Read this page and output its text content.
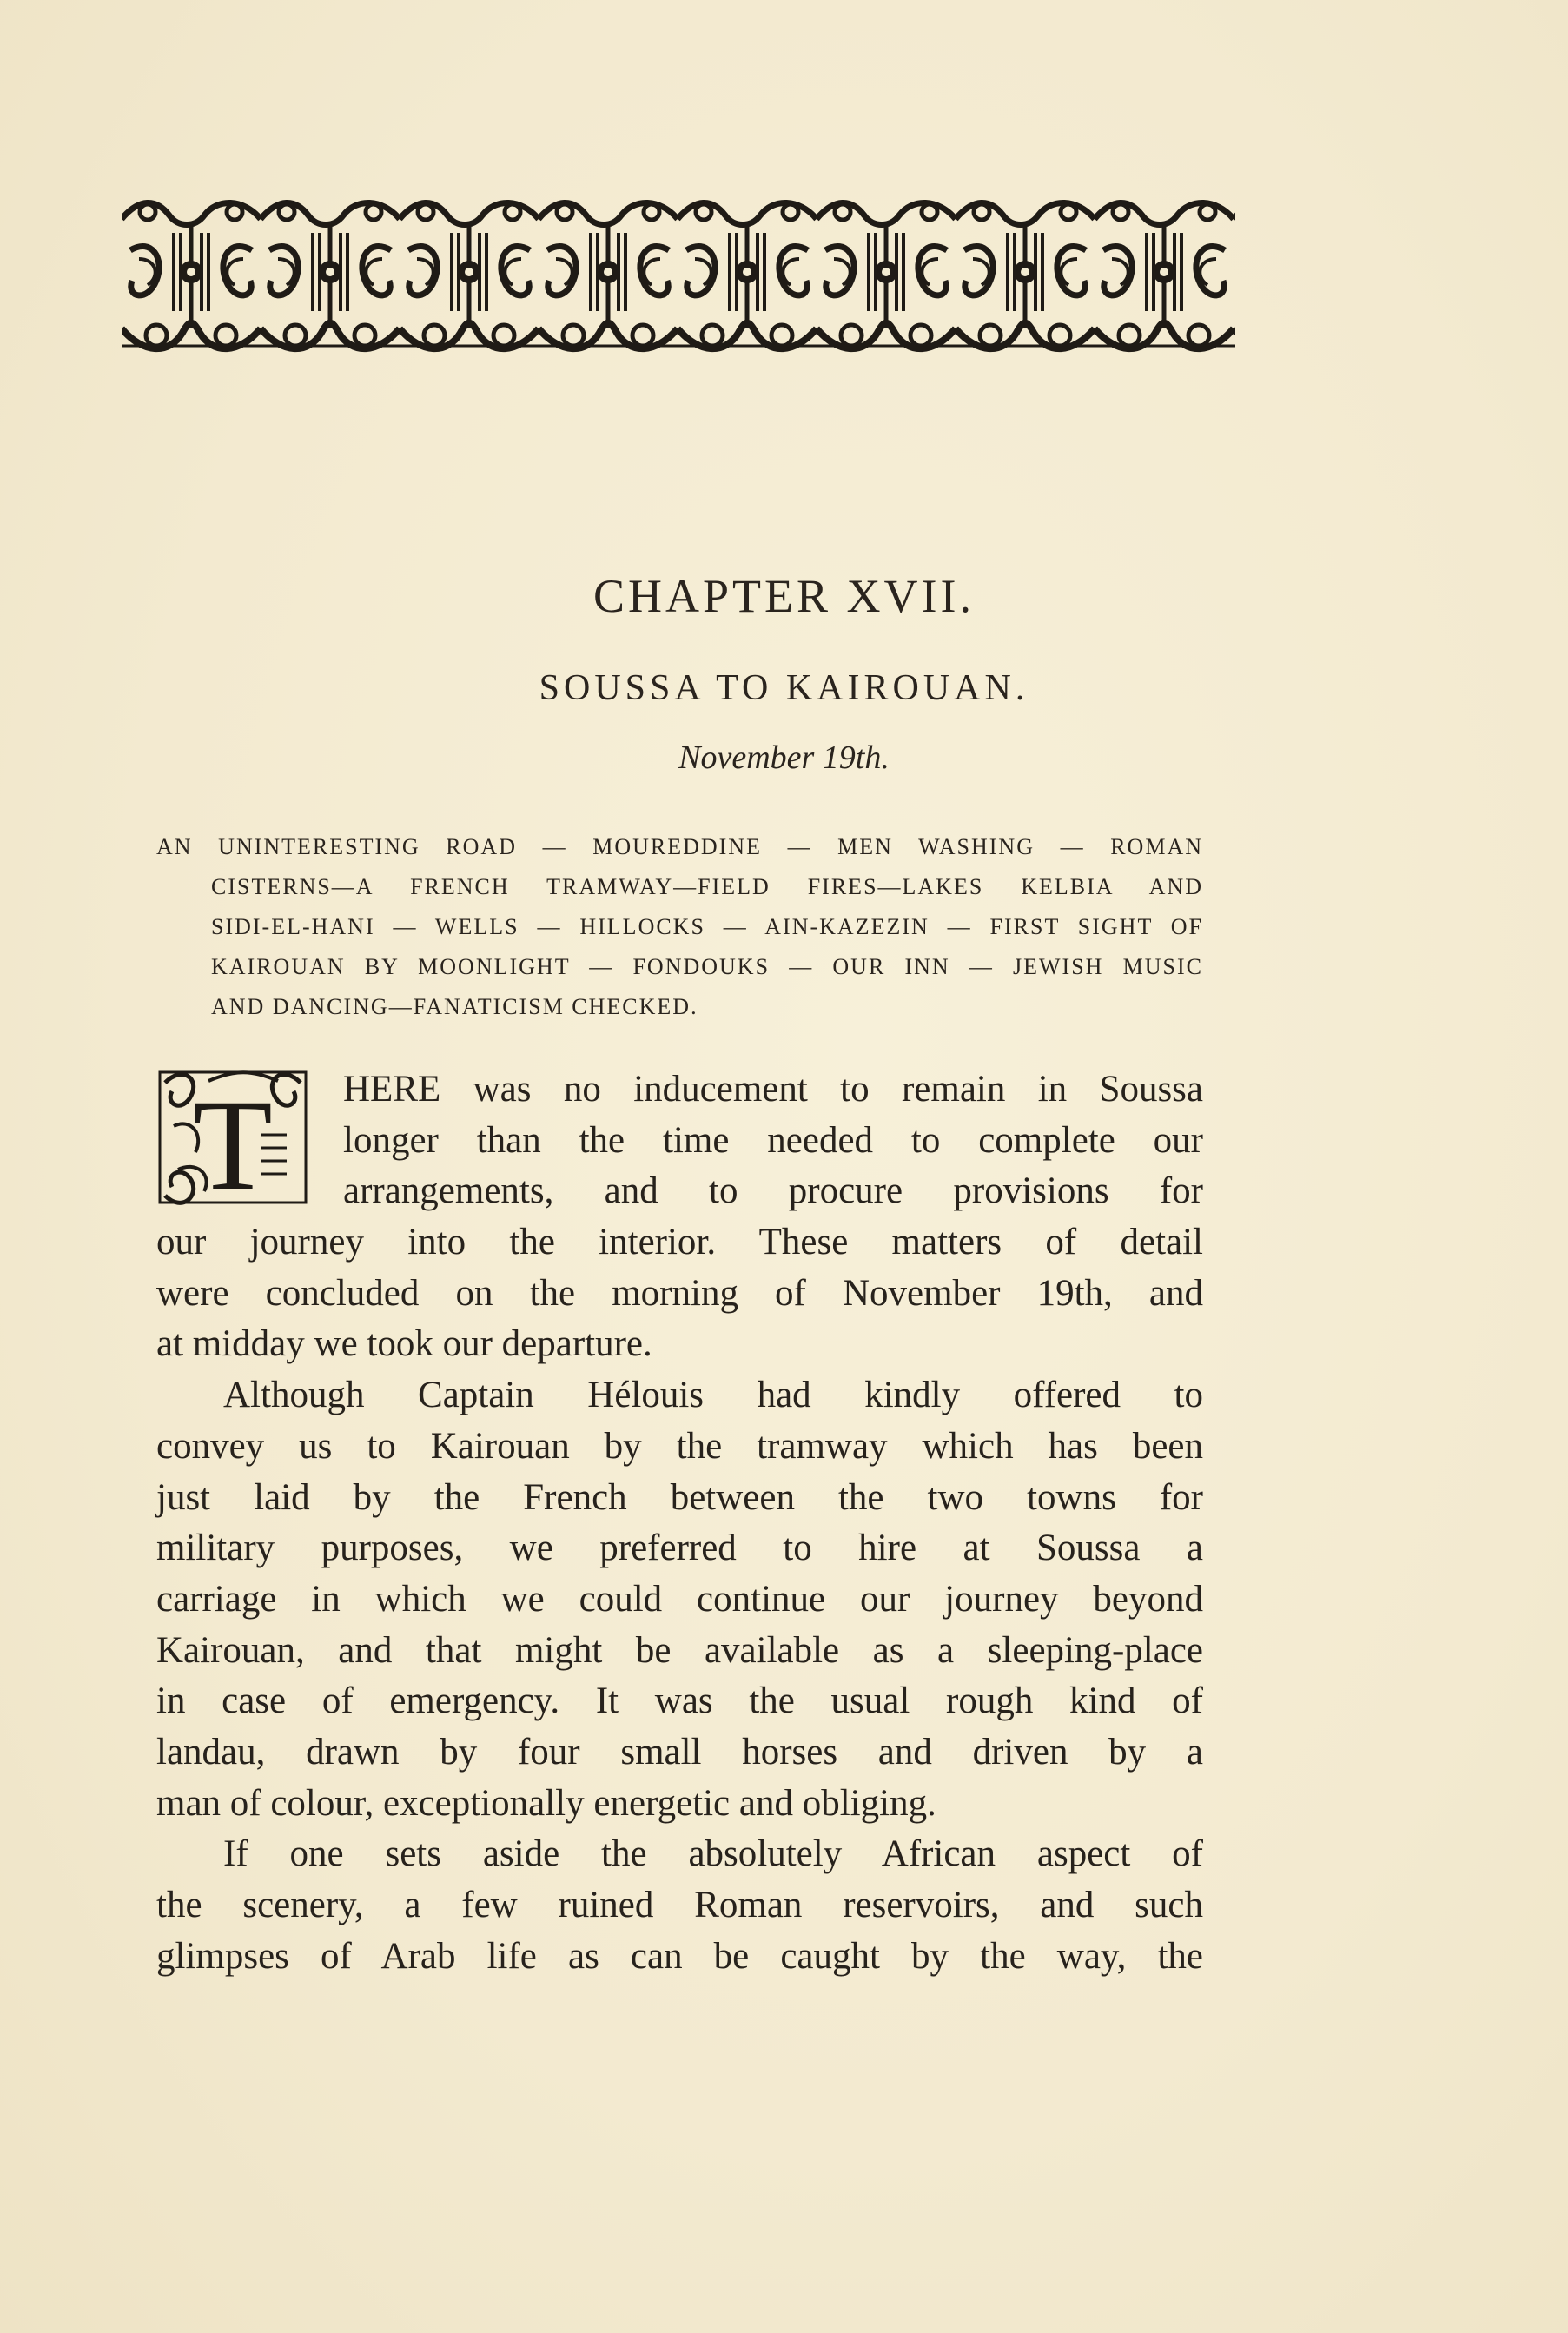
CHAPTER XVII.
SOUSSA TO KAIROUAN.
November 19th.
AN UNINTERESTING ROAD — MOUREDDINE — MEN WASHING — ROMAN
CISTERNS—A FRENCH TRAMWAY—FIELD FIRES—LAKES KELBIA AND
SIDI-EL-HANI — WELLS — HILLOCKS — AIN-KAZEZIN — FIRST SIGHT OF
KAIROUAN BY MOONLIGHT — FONDOUKS — OUR INN — JEWISH MUSIC
AND DANCING—FANATICISM CHECKED.
T	HERE was no inducement to remain in Soussa
longer than the time needed to complete our
arrangements, and to procure provisions for
our journey into the interior. These matters of detail
were concluded on the morning of November 19th, and
at midday we took our departure.
Although Captain Hélouis had kindly offered to
convey us to Kairouan by the tramway which has been
just laid by the French between the two towns for
military purposes, we preferred to hire at Soussa a
carriage in which we could continue our journey beyond
Kairouan, and that might be available as a sleeping-place
in case of emergency. It was the usual rough kind of
landau, drawn by four small horses and driven by a
man of colour, exceptionally energetic and obliging.
If one sets aside the absolutely African aspect of
the scenery, a few ruined Roman reservoirs, and such
glimpses of Arab life as can be caught by the way, the
